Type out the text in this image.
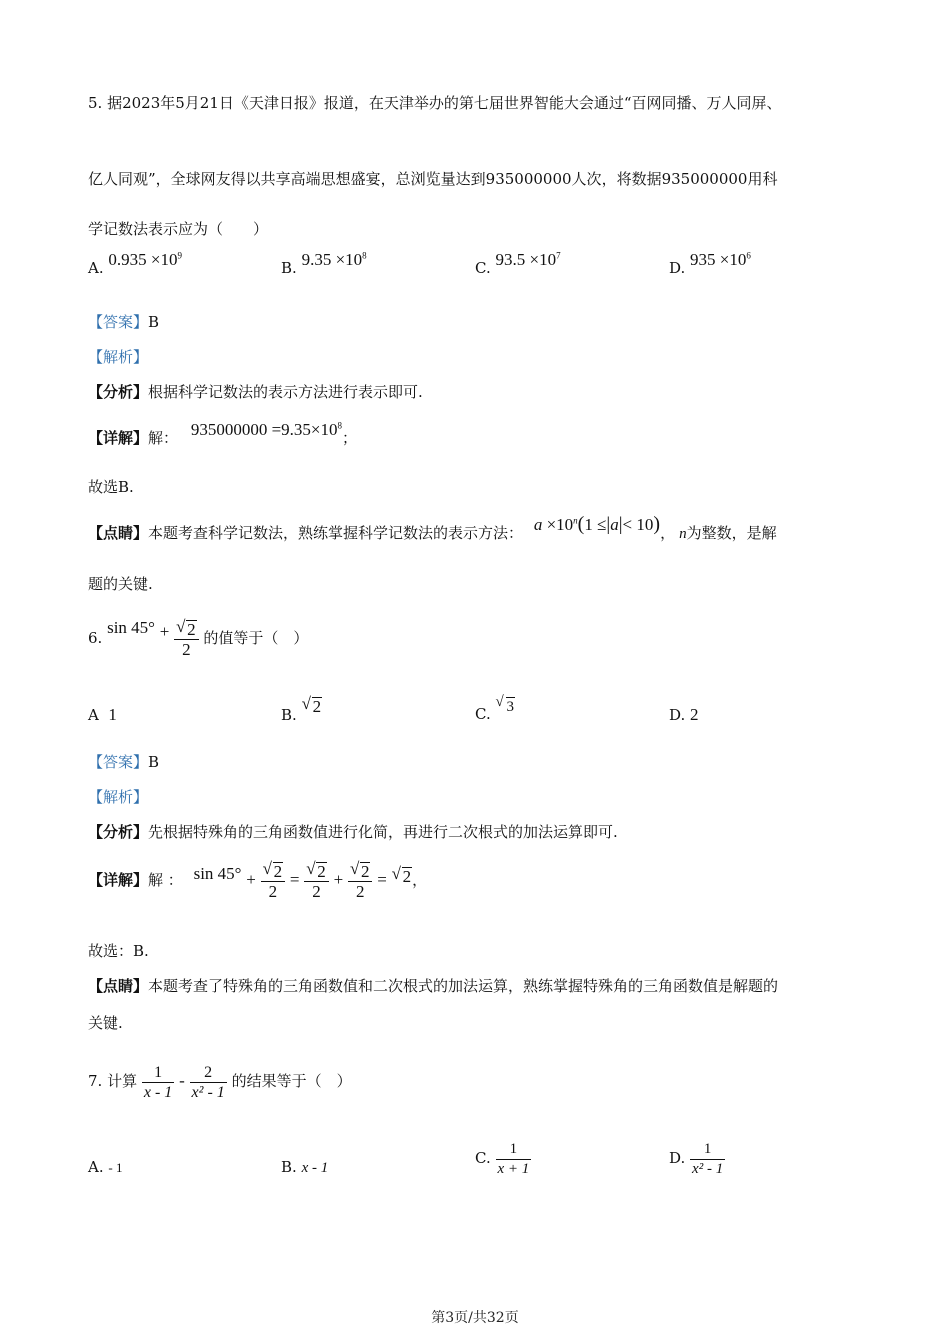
5. 据2023年5月21日《天津日报》报道，在天津举办的第七届世界智能大会通过“百网同播、万人同屏、
亿人同观”，全球网友得以共享高端思想盛宴，总浏览量达到935000000人次，将数据935000000用科
学记数法表示应为（　　）
A. $0.935 \times 10^9$
B. $9.35 \times 10^8$
C. $93.5 \times 10^7$
D. $935 \times 10^6$
【答案】B
【解析】
【分析】根据科学记数法的表示方法进行表示即可.
【详解】解： $935000000 =9.35\times 10^8$；
故选B.
【点睛】本题考查科学记数法，熟练掌握科学记数法的表示方法： $a \times 10^n(1 \le|a|< 10)$， n为整数，是解
题的关键.
6. $\sin 45^\circ + \frac{√ 2}{2}$ 的值等于（　）
A 1	B.
√ 2	C.
√ 3	D. 2
【答案】B
【解析】
【分析】先根据特殊角的三角函数值进行化简，再进行二次根式的加法运算即可.
【详解】解 ： $\sin 45^\circ + \frac{√ 2}{2} = \frac{√ 2}{2} + \frac{√ 2}{2}$ = √ 2，
故选：B.
【点睛】本题考查了特殊角的三角函数值和二次根式的加法运算，熟练掌握特殊角的三角函数值是解题的
关键.
7. 计算 $\frac{1}{x - 1} - \frac{2}{\text{x² - 1}}$ 的结果等于（　）
A. - 1	B. x - 1
C. $\frac{1}{x + 1}$	D. $\frac{1}{\text{x² - 1}}$
第3页/共32页
